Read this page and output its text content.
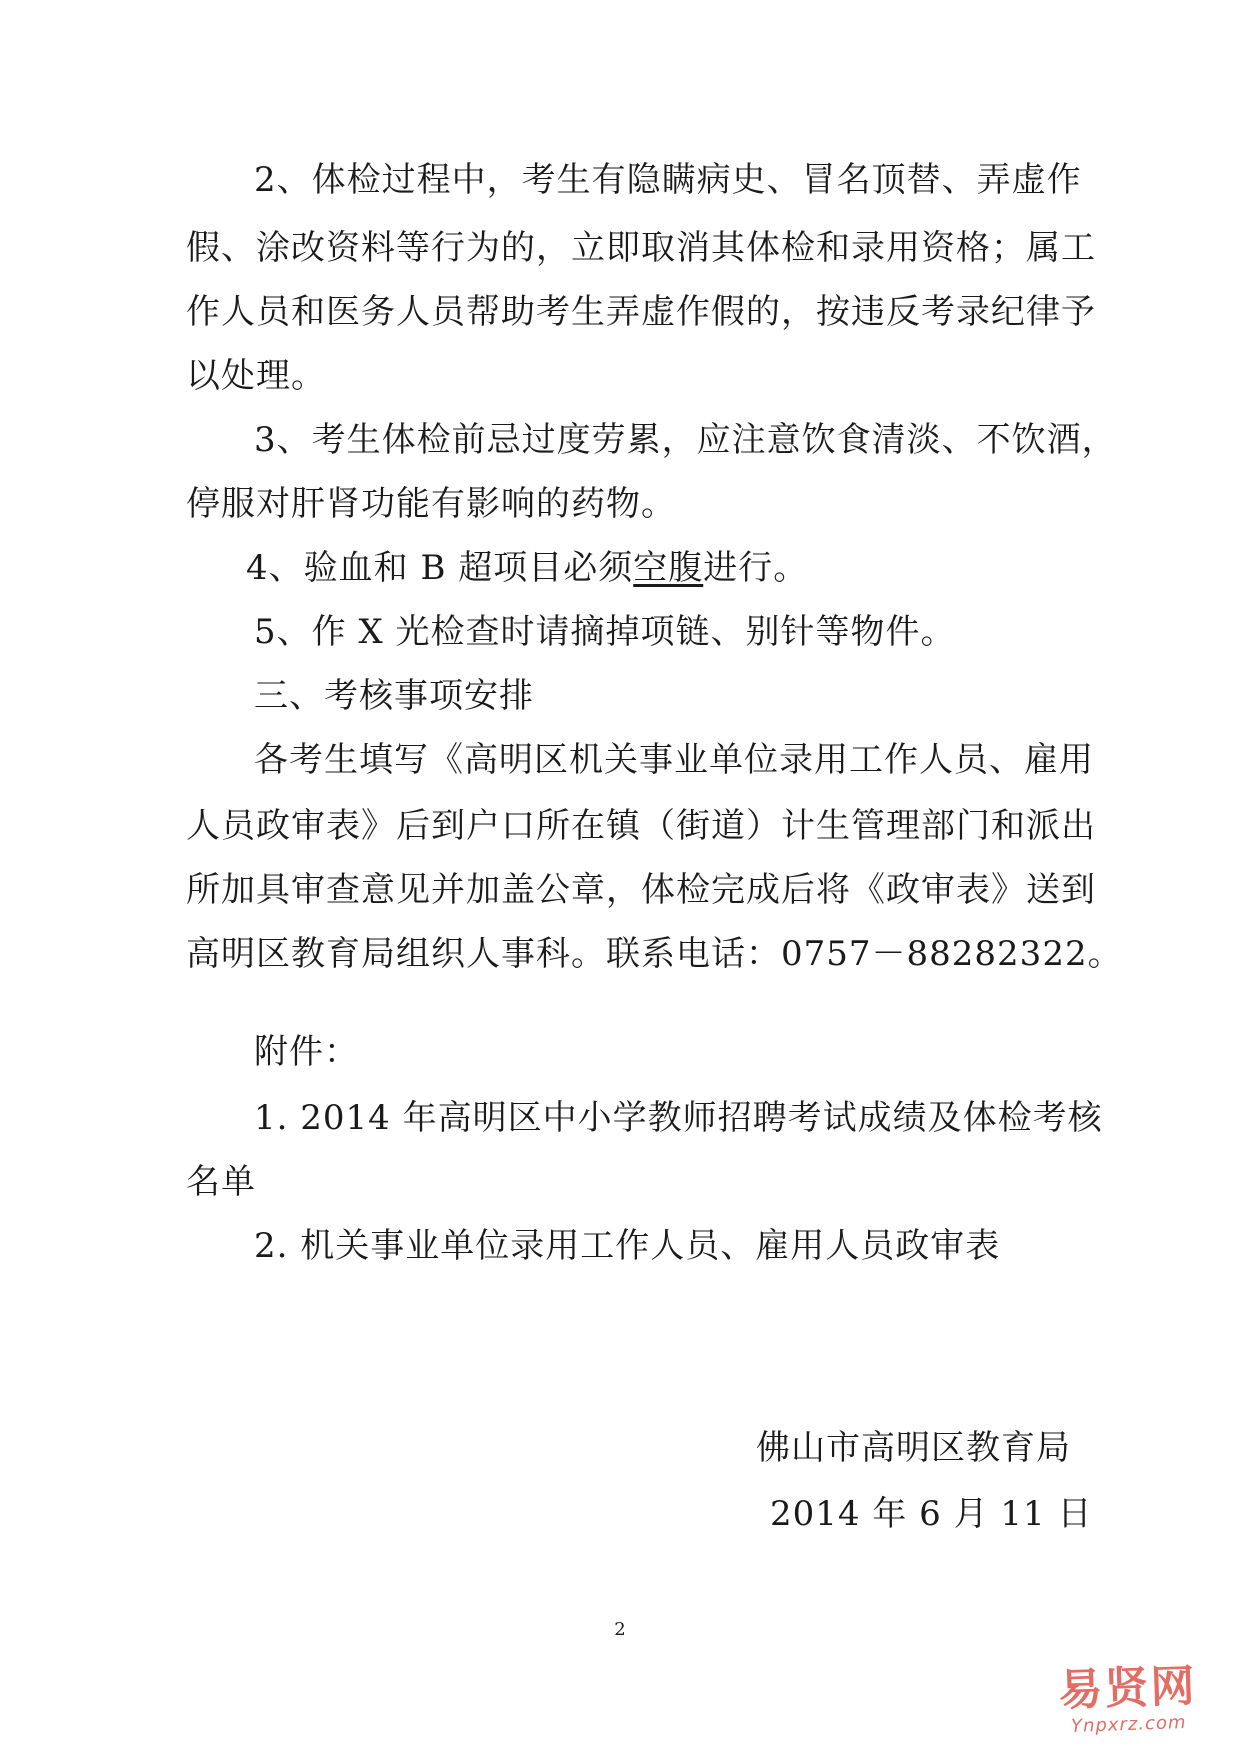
2、体检过程中，考生有隐瞒病史、冒名顶替、弄虚作
假、涂改资料等行为的，立即取消其体检和录用资格；属工
作人员和医务人员帮助考生弄虚作假的，按违反考录纪律予
以处理。
3、考生体检前忌过度劳累，应注意饮食清淡、不饮酒，
停服对肝肾功能有影响的药物。
4、验血和 B 超项目必须空腹进行。
5、作 X 光检查时请摘掉项链、别针等物件。
三、考核事项安排
各考生填写《高明区机关事业单位录用工作人员、雇用
人员政审表》后到户口所在镇（街道）计生管理部门和派出
所加具审查意见并加盖公章，体检完成后将《政审表》送到
高明区教育局组织人事科。联系电话：0757－88282322。
附件：
1. 2014 年高明区中小学教师招聘考试成绩及体检考核
名单
2. 机关事业单位录用工作人员、雇用人员政审表
佛山市高明区教育局
2014 年 6 月 11 日
2
易贤网
Ynpxrz.com
